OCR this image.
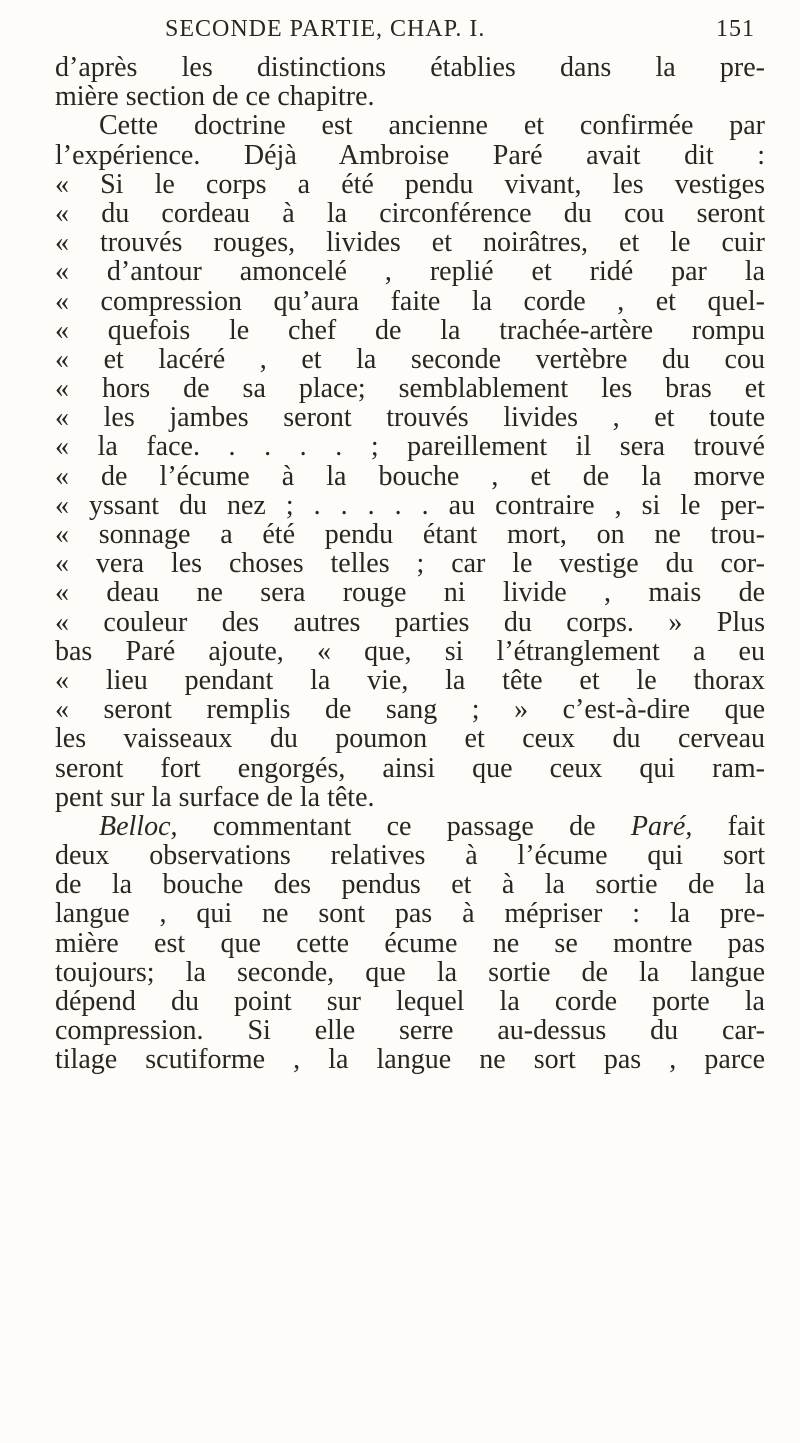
SECONDE PARTIE, CHAP. I.	151
d’après les distinctions établies dans la pre-
mière section de ce chapitre.
Cette doctrine est ancienne et confirmée par
l’expérience. Déjà Ambroise Paré avait dit :
« Si le corps a été pendu vivant, les vestiges
« du cordeau à la circonférence du cou seront
« trouvés rouges, livides et noirâtres, et le cuir
« d’antour amoncelé , replié et ridé par la
« compression qu’aura faite la corde , et quel-
« quefois le chef de la trachée-artère rompu
« et lacéré , et la seconde vertèbre du cou
« hors de sa place; semblablement les bras et
« les jambes seront trouvés livides , et toute
« la face. . . . . ; pareillement il sera trouvé
« de l’écume à la bouche , et de la morve
« yssant du nez ; . . . . . au contraire , si le per-
« sonnage a été pendu étant mort, on ne trou-
« vera les choses telles ; car le vestige du cor-
« deau ne sera rouge ni livide , mais de
« couleur des autres parties du corps. » Plus
bas Paré ajoute, « que, si l’étranglement a eu
« lieu pendant la vie, la tête et le thorax
« seront remplis de sang ; » c’est-à-dire que
les vaisseaux du poumon et ceux du cerveau
seront fort engorgés, ainsi que ceux qui ram-
pent sur la surface de la tête.
Belloc, commentant ce passage de Paré, fait
deux observations relatives à l’écume qui sort
de la bouche des pendus et à la sortie de la
langue , qui ne sont pas à mépriser : la pre-
mière est que cette écume ne se montre pas
toujours; la seconde, que la sortie de la langue
dépend du point sur lequel la corde porte la
compression. Si elle serre au-dessus du car-
tilage scutiforme , la langue ne sort pas , parce
